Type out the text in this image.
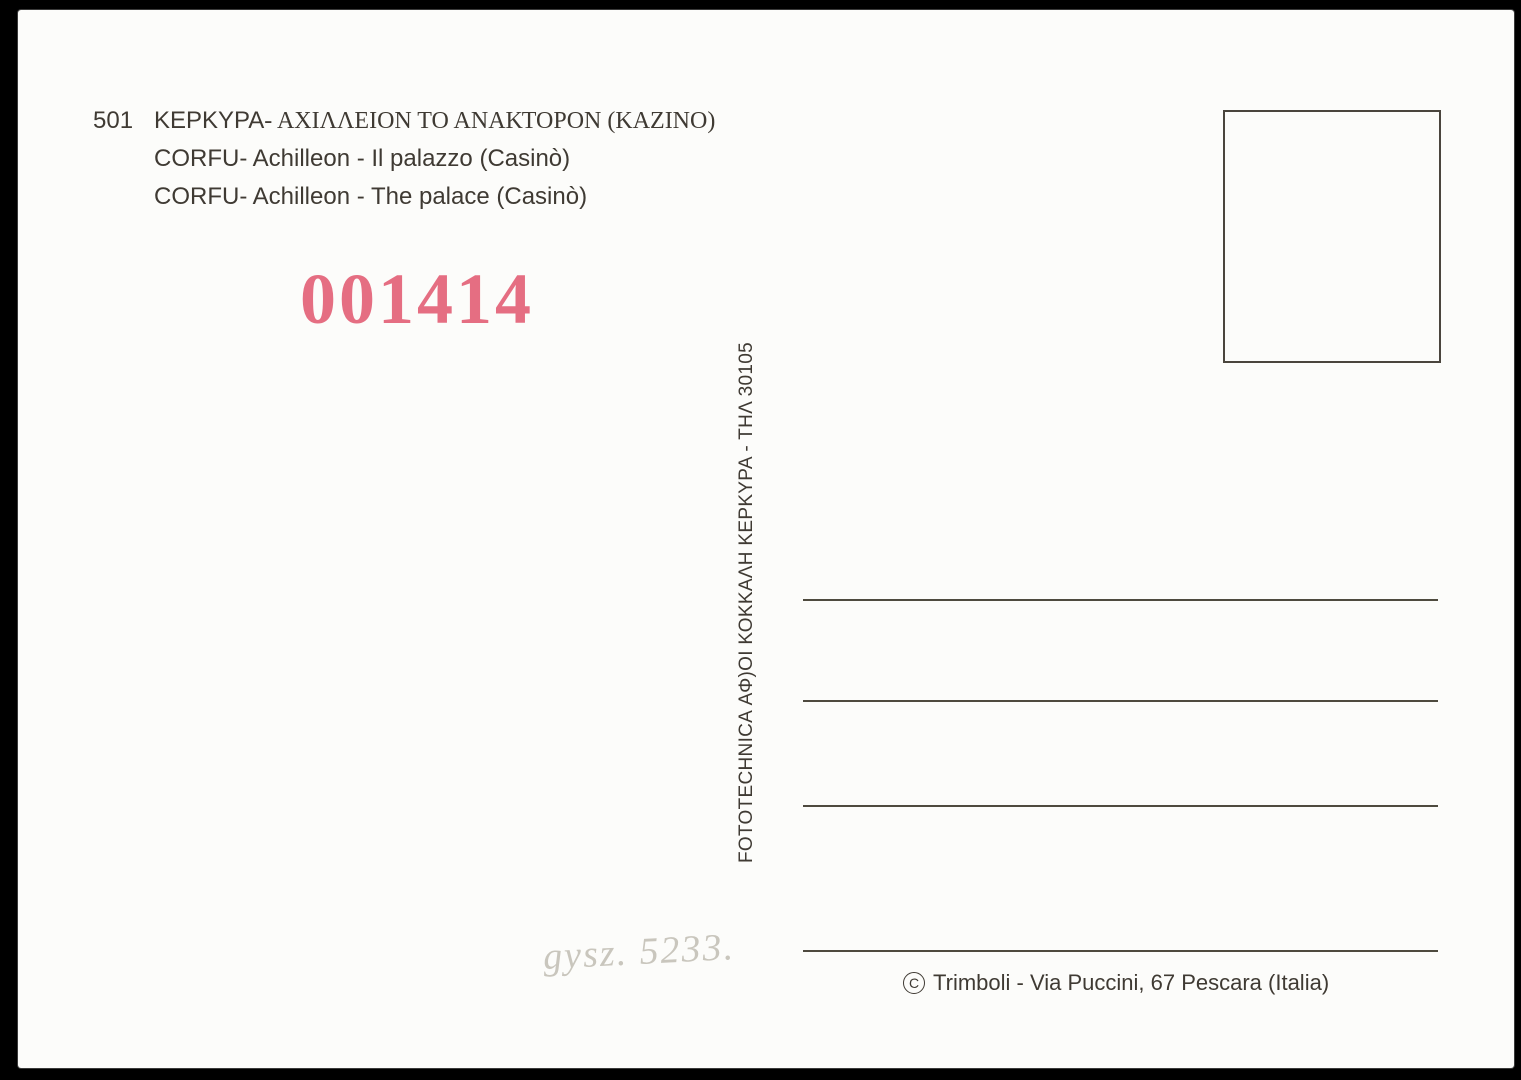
501 ΚΕΡΚΥΡΑ - ΑΧΙΛΛΕΙΟΝ ΤΟ ΑΝΑΚΤΟΡΟΝ (ΚΑΖΙΝΟ)
CORFU - Achilleon - Il palazzo (Casinò)
CORFU - Achilleon - The palace (Casinò)
001414
FOTOTECHNICA ΑΦ)ΟΙ ΚΟΚΚΑΛΗ ΚΕΡΚΥΡΑ - ΤΗΛ 30105
gysz. 5233.
C Trimboli - Via Puccini, 67 Pescara (Italia)
